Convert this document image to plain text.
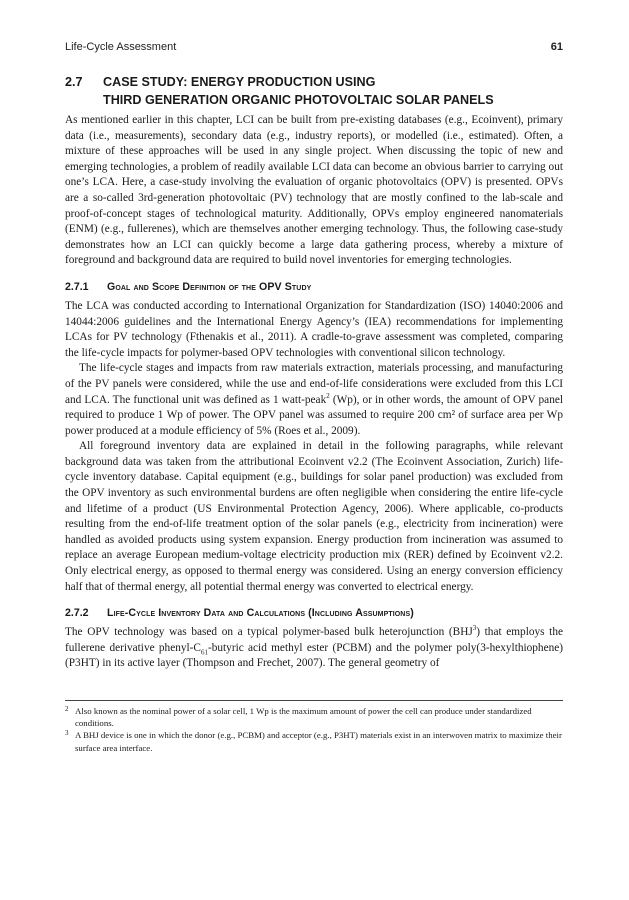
Life-Cycle Assessment	61
2.7	CASE STUDY: ENERGY PRODUCTION USING
THIRD GENERATION ORGANIC PHOTOVOLTAIC SOLAR PANELS

As mentioned earlier in this chapter, LCI can be built from pre-existing databases (e.g., Ecoinvent), primary data (i.e., measurements), secondary data (e.g., industry reports), or modelled (i.e., estimated). Often, a mixture of these approaches will be used in any single project. When discussing the topic of new and emerging technologies, a problem of readily available LCI data can become an obvious barrier to carrying out one’s LCA. Here, a case-study involving the evaluation of organic photovoltaics (OPV) is presented. OPVs are a so-called 3rd-generation photovoltaic (PV) technology that are mostly confined to the lab-scale and proof-of-concept stages of technological maturity. Additionally, OPVs employ engineered nanomaterials (ENM) (e.g., fullerenes), which are themselves another emerging technology. Thus, the following case-study demonstrates how an LCI can quickly become a large data gathering process, whereby a mixture of foreground and background data are required to build novel inventories for emerging technologies.

2.7.1	Goal and Scope Definition of the OPV Study

The LCA was conducted according to International Organization for Standardization (ISO) 14040:2006 and 14044:2006 guidelines and the International Energy Agency’s (IEA) recommendations for implementing LCAs for PV technology (Fthenakis et al., 2011). A cradle-to-grave assessment was completed, comparing the life-cycle impacts for polymer-based OPV technologies with conventional silicon technology.

The life-cycle stages and impacts from raw materials extraction, materials processing, and manufacturing of the PV panels were considered, while the use and end-of-life considerations were excluded from this LCI and LCA. The functional unit was defined as 1 watt-peak$^2$ (Wp), or in other words, the amount of OPV panel required to produce 1 Wp of power. The OPV panel was assumed to require 200 cm² of surface area per Wp power produced at a module efficiency of 5% (Roes et al., 2009).

All foreground inventory data are explained in detail in the following paragraphs, while relevant background data was taken from the attributional Ecoinvent v2.2 (The Ecoinvent Association, Zurich) life-cycle inventory database. Capital equipment (e.g., buildings for solar panel production) was excluded from the OPV inventory as such environmental burdens are often negligible when considering the entire life-cycle and lifetime of a product (US Environmental Protection Agency, 2006). Where applicable, co-products resulting from the end-of-life treatment option of the solar panels (e.g., electricity from incineration) were handled as avoided products using system expansion. Energy production from incineration was assumed to replace an average European medium-voltage electricity production mix (RER) defined by Ecoinvent v2.2. Only electrical energy, as opposed to thermal energy was considered. Using an energy conversion efficiency half that of thermal energy, all potential thermal energy was converted to electrical energy.

2.7.2	Life-Cycle Inventory Data and Calculations (Including Assumptions)

The OPV technology was based on a typical polymer-based bulk heterojunction (BHJ$^3$) that employs the fullerene derivative phenyl-$C_{61}$-butyric acid methyl ester (PCBM) and the polymer poly(3-hexylthiophene) (P3HT) in its active layer (Thompson and Frechet, 2007). The general geometry of

2 Also known as the nominal power of a solar cell, 1 Wp is the maximum amount of power the cell can produce under standardized conditions.
3 A BHJ device is one in which the donor (e.g., PCBM) and acceptor (e.g., P3HT) materials exist in an interwoven matrix to maximize their surface area interface.
